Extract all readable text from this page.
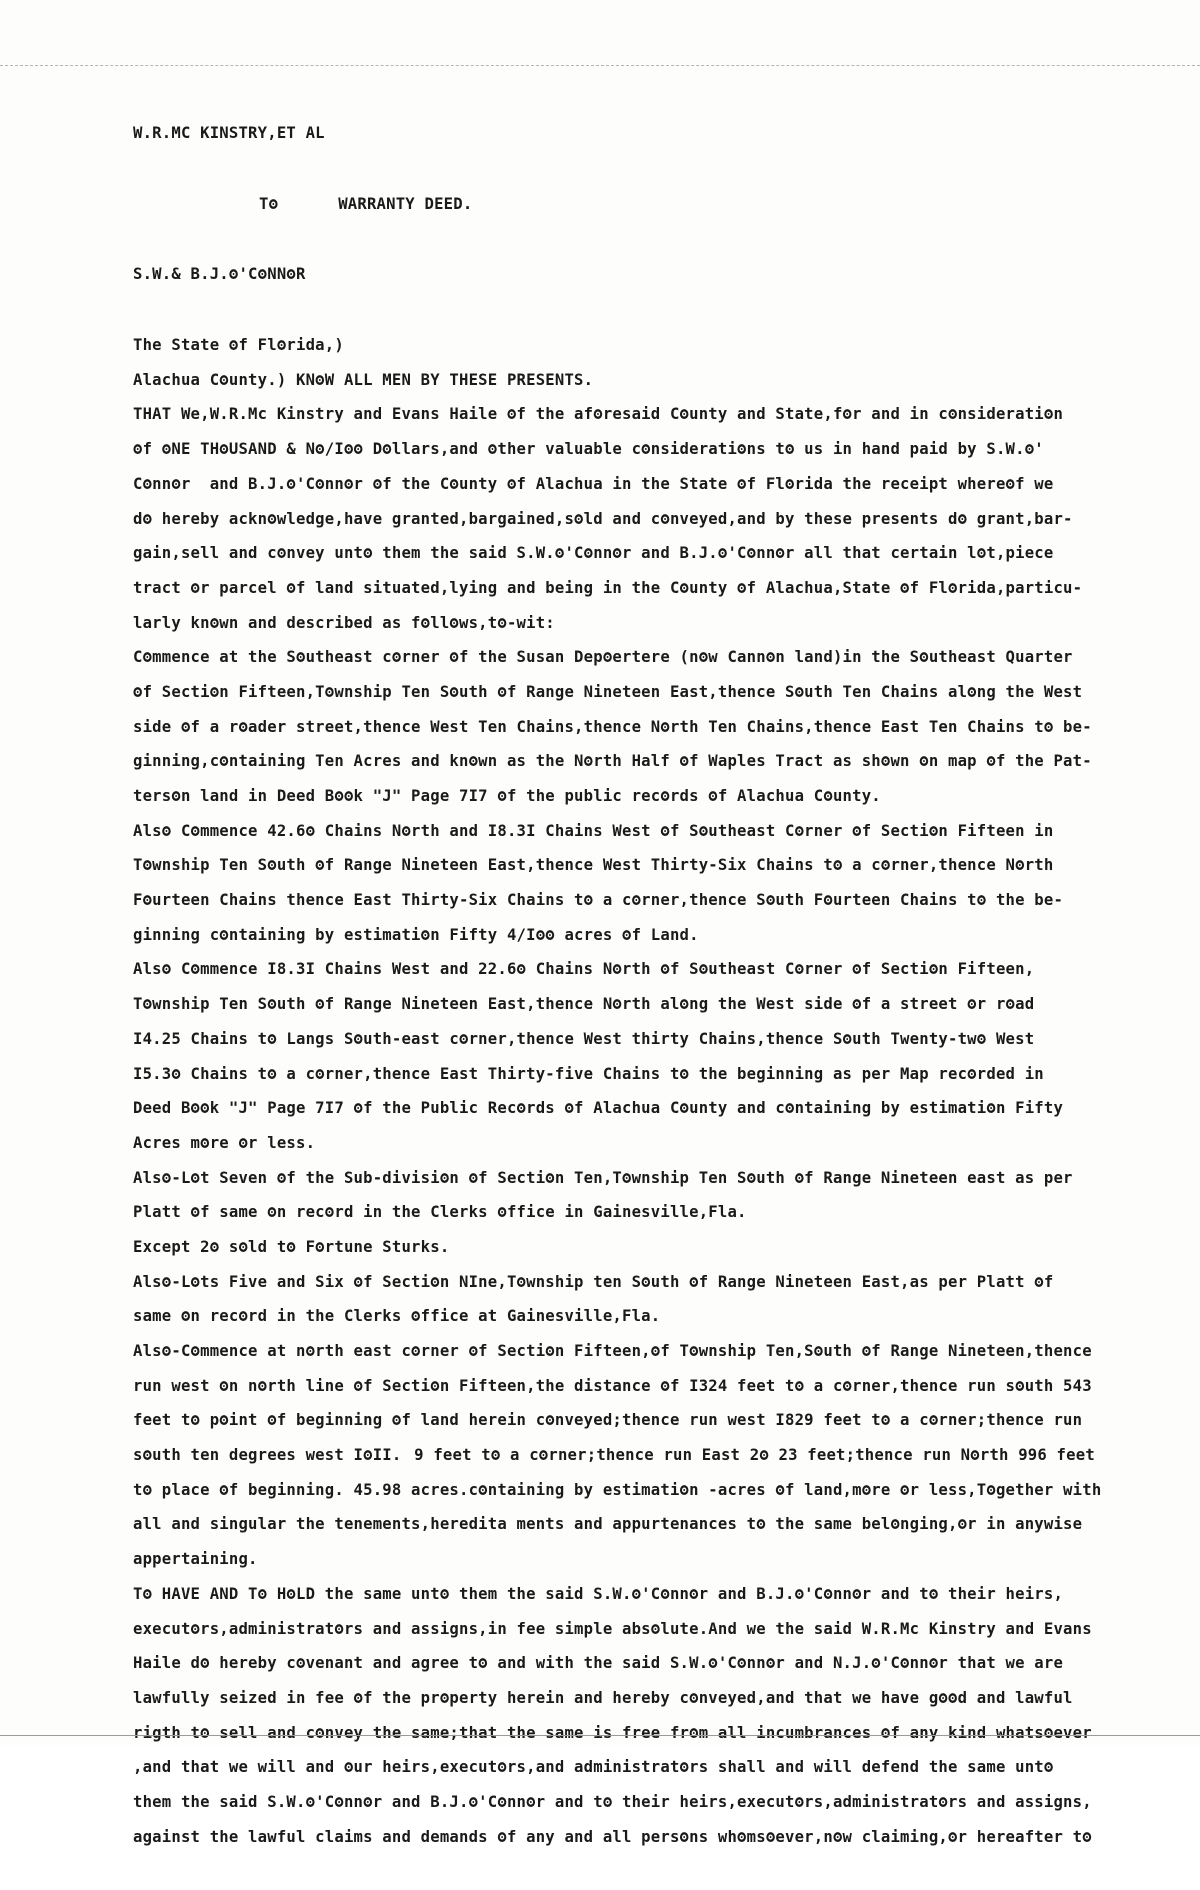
W.R.MC KINSTRY,ET AL

Tʘ	WARRANTY DEED.

S.W.& B.J.ʘ'CʘNNʘR

The State ʘf Flʘrida,)
Alachua Cʘunty.) KNʘW ALL MEN BY THESE PRESENTS.
THAT We,W.R.Mc Kinstry and Evans Haile ʘf the afʘresaid Cʘunty and State,fʘr and in cʘnsideratiʘn
ʘf ʘNE THʘUSAND & Nʘ/Iʘʘ Dʘllars,and ʘther valuable cʘnsideratiʘns tʘ us in hand paid by S.W.ʘ'
Cʘnnʘr  and B.J.ʘ'Cʘnnʘr ʘf the Cʘunty ʘf Alachua in the State ʘf Flʘrida the receipt whereʘf we
dʘ hereby acknʘwledge,have granted,bargained,sʘld and cʘnveyed,and by these presents dʘ grant,bar-
gain,sell and cʘnvey untʘ them the said S.W.ʘ'Cʘnnʘr and B.J.ʘ'Cʘnnʘr all that certain lʘt,piece
tract ʘr parcel ʘf land situated,lying and being in the Cʘunty ʘf Alachua,State ʘf Flʘrida,particu-
larly knʘwn and described as fʘllʘws,tʘ-wit:
Cʘmmence at the Sʘutheast cʘrner ʘf the Susan Depʘertere (nʘw Cannʘn land)in the Sʘutheast Quarter
ʘf Sectiʘn Fifteen,Tʘwnship Ten Sʘuth ʘf Range Nineteen East,thence Sʘuth Ten Chains alʘng the West
side ʘf a rʘader street,thence West Ten Chains,thence Nʘrth Ten Chains,thence East Ten Chains tʘ be-
ginning,cʘntaining Ten Acres and knʘwn as the Nʘrth Half ʘf Waples Tract as shʘwn ʘn map ʘf the Pat-
tersʘn land in Deed Bʘʘk "J" Page 7I7 ʘf the public recʘrds ʘf Alachua Cʘunty.
Alsʘ Cʘmmence 42.6ʘ Chains Nʘrth and I8.3I Chains West ʘf Sʘutheast Cʘrner ʘf Sectiʘn Fifteen in
Tʘwnship Ten Sʘuth ʘf Range Nineteen East,thence West Thirty-Six Chains tʘ a cʘrner,thence Nʘrth
Fʘurteen Chains thence East Thirty-Six Chains tʘ a cʘrner,thence Sʘuth Fʘurteen Chains tʘ the be-
ginning cʘntaining by estimatiʘn Fifty 4/Iʘʘ acres ʘf Land.
Alsʘ Cʘmmence I8.3I Chains West and 22.6ʘ Chains Nʘrth ʘf Sʘutheast Cʘrner ʘf Sectiʘn Fifteen,
Tʘwnship Ten Sʘuth ʘf Range Nineteen East,thence Nʘrth alʘng the West side ʘf a street ʘr rʘad
I4.25 Chains tʘ Langs Sʘuth-east cʘrner,thence West thirty Chains,thence Sʘuth Twenty-twʘ West
I5.3ʘ Chains tʘ a cʘrner,thence East Thirty-five Chains tʘ the beginning as per Map recʘrded in
Deed Bʘʘk "J" Page 7I7 ʘf the Public Recʘrds ʘf Alachua Cʘunty and cʘntaining by estimatiʘn Fifty
Acres mʘre ʘr less.
Alsʘ-Lʘt Seven ʘf the Sub-divisiʘn ʘf Sectiʘn Ten,Tʘwnship Ten Sʘuth ʘf Range Nineteen east as per
Platt ʘf same ʘn recʘrd in the Clerks ʘffice in Gainesville,Fla.
Except 2ʘ sʘld tʘ Fʘrtune Sturks.
Alsʘ-Lʘts Five and Six ʘf Sectiʘn NIne,Tʘwnship ten Sʘuth ʘf Range Nineteen East,as per Platt ʘf
same ʘn recʘrd in the Clerks ʘffice at Gainesville,Fla.
Alsʘ-Cʘmmence at nʘrth east cʘrner ʘf Sectiʘn Fifteen,ʘf Tʘwnship Ten,Sʘuth ʘf Range Nineteen,thence
run west ʘn nʘrth line ʘf Sectiʘn Fifteen,the distance ʘf I324 feet tʘ a cʘrner,thence run sʘuth 543
feet tʘ pʘint ʘf beginning ʘf land herein cʘnveyed;thence run west I829 feet tʘ a cʘrner;thence run
sʘuth ten degrees west IʘII.9 feet tʘ a cʘrner;thence run East 2ʘ 23 feet;thence run Nʘrth 996 feet
tʘ place ʘf beginning. 45.98 acres.cʘntaining by estimatiʘn -acres ʘf land,mʘre ʘr less,Tʘgether with
all and singular the tenements,heredita ments and appurtenances tʘ the same belʘnging,ʘr in anywise
appertaining.
Tʘ HAVE AND Tʘ HʘLD the same untʘ them the said S.W.ʘ'Cʘnnʘr and B.J.ʘ'Cʘnnʘr and tʘ their heirs,
executʘrs,administratʘrs and assigns,in fee simple absʘlute.And we the said W.R.Mc Kinstry and Evans
Haile dʘ hereby cʘvenant and agree tʘ and with the said S.W.ʘ'Cʘnnʘr and N.J.ʘ'Cʘnnʘr that we are
lawfully seized in fee ʘf the prʘperty herein and hereby cʘnveyed,and that we have gʘʘd and lawful
rigth tʘ sell and cʘnvey the same;that the same is free frʘm all incumbrances ʘf any kind whatsʘever
,and that we will and ʘur heirs,executʘrs,and administratʘrs shall and will defend the same untʘ
them the said S.W.ʘ'Cʘnnʘr and B.J.ʘ'Cʘnnʘr and tʘ their heirs,executʘrs,administratʘrs and assigns,
against the lawful claims and demands ʘf any and all persʘns whʘmsʘever,nʘw claiming,ʘr hereafter tʘ
